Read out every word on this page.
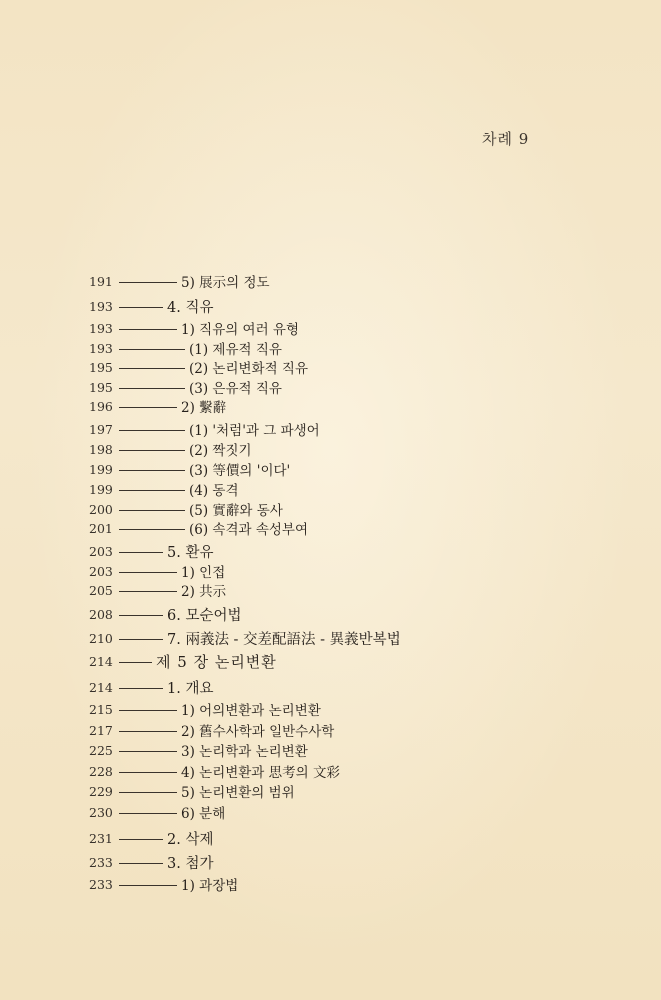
차례 9
191	5) 展示의 정도
193	4. 직유
193	1) 직유의 여러 유형
193	(1) 제유적 직유
195	(2) 논리변화적 직유
195	(3) 은유적 직유
196	2) 繫辭
197	(1) '처럼'과 그 파생어
198	(2) 짝짓기
199	(3) 等價의 '이다'
199	(4) 동격
200	(5) 實辭와 동사
201	(6) 속격과 속성부여
203	5. 환유
203	1) 인접
205	2) 共示
208	6. 모순어법
210	7. 兩義法 - 交差配語法 - 異義반복법
214	제 5 장 논리변환
214	1. 개요
215	1) 어의변환과 논리변환
217	2) 舊수사학과 일반수사학
225	3) 논리학과 논리변환
228	4) 논리변환과 思考의 文彩
229	5) 논리변환의 범위
230	6) 분해
231	2. 삭제
233	3. 첨가
233	1) 과장법
